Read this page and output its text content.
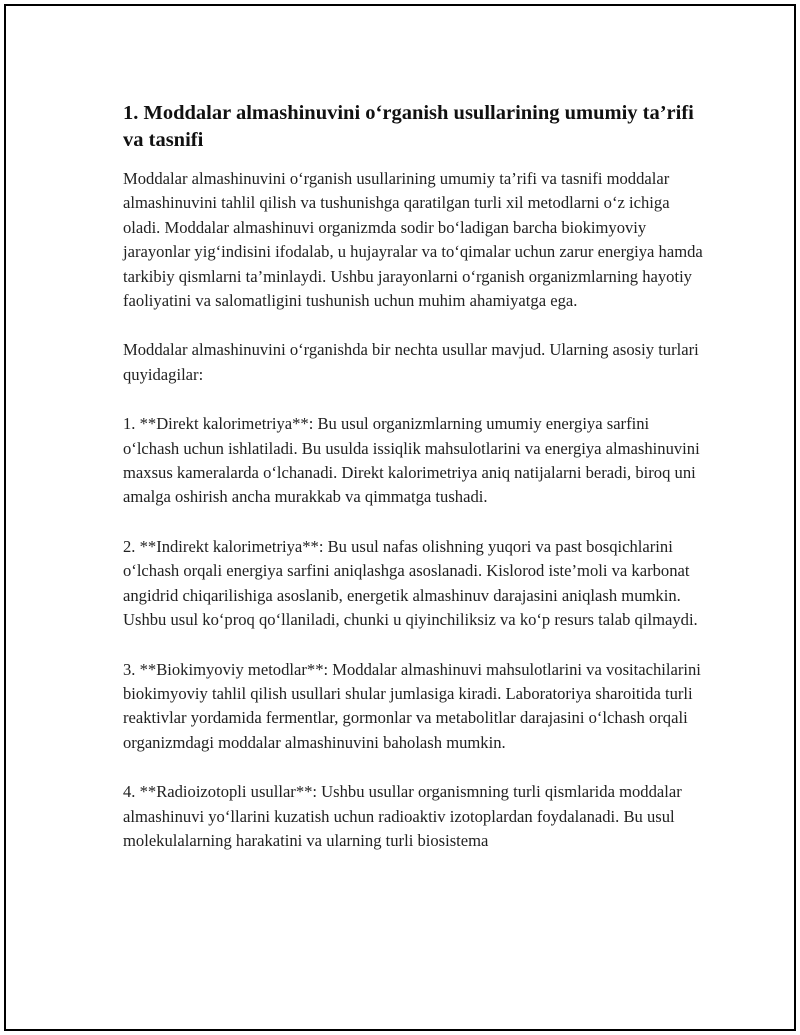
1. Moddalar almashinuvini o‘rganish usullarining umumiy ta’rifi va tasnifi

Moddalar almashinuvini o‘rganish usullarining umumiy ta’rifi va tasnifi moddalar almashinuvini tahlil qilish va tushunishga qaratilgan turli xil metodlarni o‘z ichiga oladi. Moddalar almashinuvi organizmda sodir bo‘ladigan barcha biokimyoviy jarayonlar yig‘indisini ifodalab, u hujayralar va to‘qimalar uchun zarur energiya hamda tarkibiy qismlarni ta’minlaydi. Ushbu jarayonlarni o‘rganish organizmlarning hayotiy faoliyatini va salomatligini tushunish uchun muhim ahamiyatga ega.

Moddalar almashinuvini o‘rganishda bir nechta usullar mavjud. Ularning asosiy turlari quyidagilar:

1. **Direkt kalorimetriya**: Bu usul organizmlarning umumiy energiya sarfini o‘lchash uchun ishlatiladi. Bu usulda issiqlik mahsulotlarini va energiya almashinuvini maxsus kameralarda o‘lchanadi. Direkt kalorimetriya aniq natijalarni beradi, biroq uni amalga oshirish ancha murakkab va qimmatga tushadi.

2. **Indirekt kalorimetriya**: Bu usul nafas olishning yuqori va past bosqichlarini o‘lchash orqali energiya sarfini aniqlashga asoslanadi. Kislorod iste’moli va karbonat angidrid chiqarilishiga asoslanib, energetik almashinuv darajasini aniqlash mumkin. Ushbu usul ko‘proq qo‘llaniladi, chunki u qiyinchiliksiz va ko‘p resurs talab qilmaydi.

3. **Biokimyoviy metodlar**: Moddalar almashinuvi mahsulotlarini va vositachilarini biokimyoviy tahlil qilish usullari shular jumlasiga kiradi. Laboratoriya sharoitida turli reaktivlar yordamida fermentlar, gormonlar va metabolitlar darajasini o‘lchash orqali organizmdagi moddalar almashinuvini baholash mumkin.

4. **Radioizotopli usullar**: Ushbu usullar organismning turli qismlarida moddalar almashinuvi yo‘llarini kuzatish uchun radioaktiv izotoplardan foydalanadi. Bu usul molekulalarning harakatini va ularning turli biosistema
